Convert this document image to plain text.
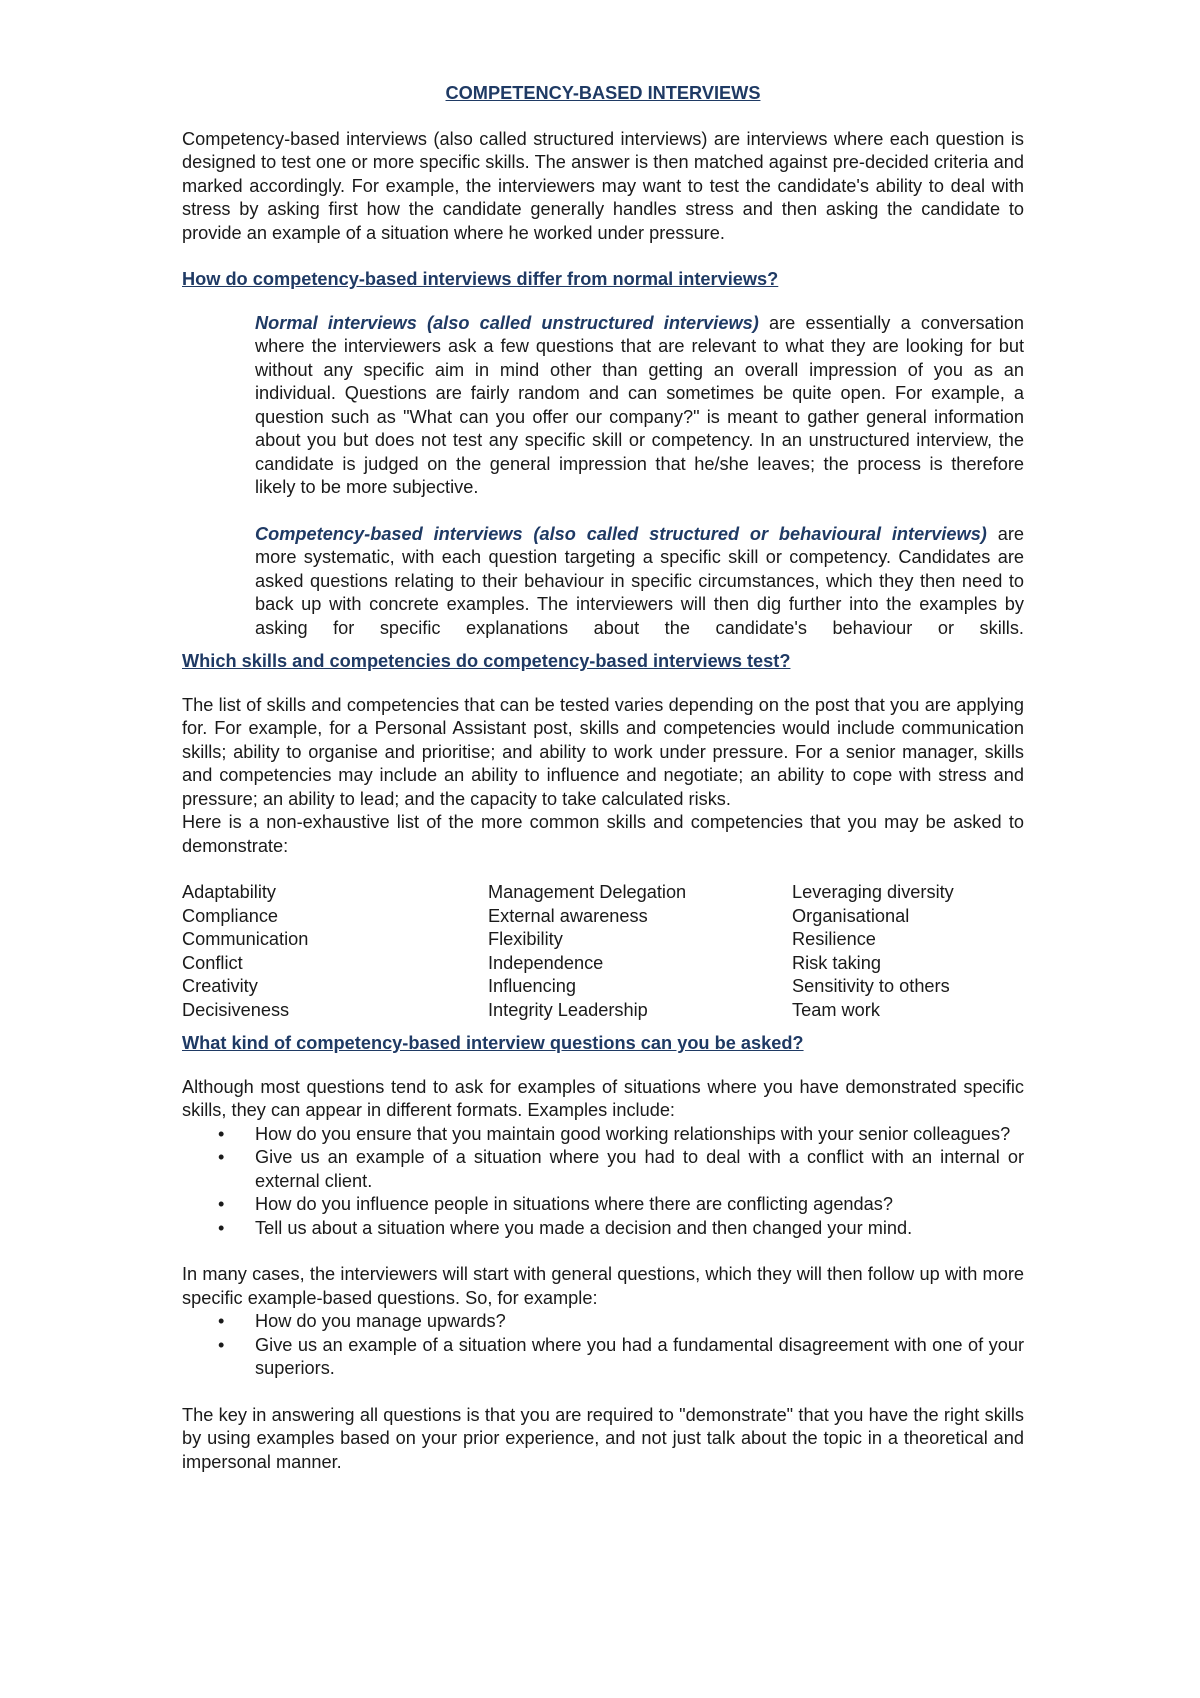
COMPETENCY-BASED INTERVIEWS

Competency-based interviews (also called structured interviews) are interviews where each question is designed to test one or more specific skills. The answer is then matched against pre-decided criteria and marked accordingly. For example, the interviewers may want to test the candidate's ability to deal with stress by asking first how the candidate generally handles stress and then asking the candidate to provide an example of a situation where he worked under pressure.

How do competency-based interviews differ from normal interviews?

Normal interviews (also called unstructured interviews) are essentially a conversation where the interviewers ask a few questions that are relevant to what they are looking for but without any specific aim in mind other than getting an overall impression of you as an individual. Questions are fairly random and can sometimes be quite open. For example, a question such as "What can you offer our company?" is meant to gather general information about you but does not test any specific skill or competency. In an unstructured interview, the candidate is judged on the general impression that he/she leaves; the process is therefore likely to be more subjective.

Competency-based interviews (also called structured or behavioural interviews) are more systematic, with each question targeting a specific skill or competency. Candidates are asked questions relating to their behaviour in specific circumstances, which they then need to back up with concrete examples. The interviewers will then dig further into the examples by asking for specific explanations about the candidate's behaviour or skills.

Which skills and competencies do competency-based interviews test?

The list of skills and competencies that can be tested varies depending on the post that you are applying for. For example, for a Personal Assistant post, skills and competencies would include communication skills; ability to organise and prioritise; and ability to work under pressure. For a senior manager, skills and competencies may include an ability to influence and negotiate; an ability to cope with stress and pressure; an ability to lead; and the capacity to take calculated risks.

Here is a non-exhaustive list of the more common skills and competencies that you may be asked to demonstrate:

Adaptability	Management Delegation	Leveraging diversity
Compliance	External awareness	Organisational
Communication	Flexibility	Resilience
Conflict	Independence	Risk taking
Creativity	Influencing	Sensitivity to others
Decisiveness	Integrity Leadership	Team work
What kind of competency-based interview questions can you be asked?

Although most questions tend to ask for examples of situations where you have demonstrated specific skills, they can appear in different formats. Examples include:

• How do you ensure that you maintain good working relationships with your senior colleagues?
• Give us an example of a situation where you had to deal with a conflict with an internal or external client.
• How do you influence people in situations where there are conflicting agendas?
• Tell us about a situation where you made a decision and then changed your mind.

In many cases, the interviewers will start with general questions, which they will then follow up with more specific example-based questions. So, for example:

• How do you manage upwards?
• Give us an example of a situation where you had a fundamental disagreement with one of your superiors.

The key in answering all questions is that you are required to "demonstrate" that you have the right skills by using examples based on your prior experience, and not just talk about the topic in a theoretical and impersonal manner.
